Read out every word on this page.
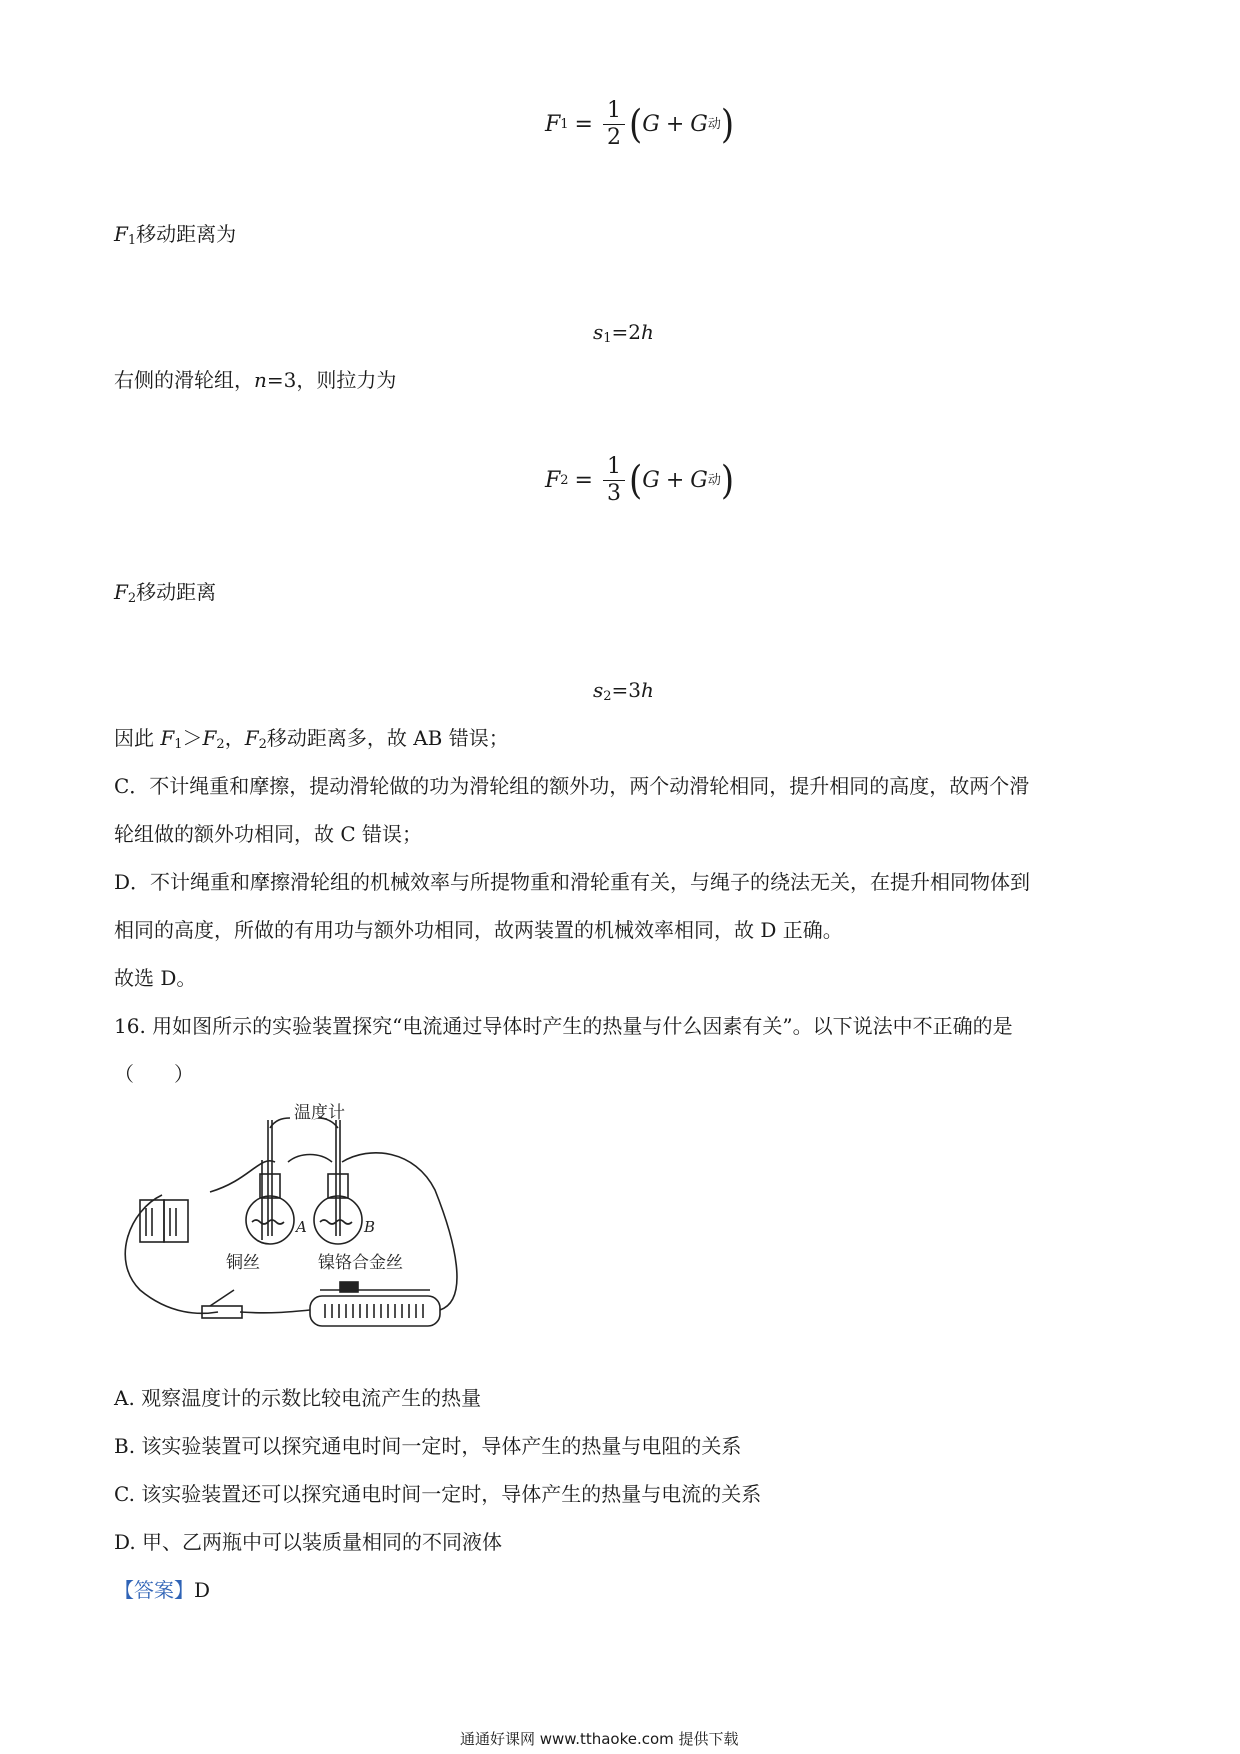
F $1 = \frac{1}{2}$ ( G + G 动 )
$F_1$移动距离为
$s_1=2h$
右侧的滑轮组，n=3，则拉力为
F $2 = \frac{1}{3}$ ( G + G 动 )
$F_2$移动距离
$s_2=3h$
因此 $F_1>F_2$，$F_2$移动距离多，故 AB 错误；
C．不计绳重和摩擦，提动滑轮做的功为滑轮组的额外功，两个动滑轮相同，提升相同的高度，故两个滑
轮组做的额外功相同，故 C 错误；
D．不计绳重和摩擦滑轮组的机械效率与所提物重和滑轮重有关，与绳子的绕法无关，在提升相同物体到
相同的高度，所做的有用功与额外功相同，故两装置的机械效率相同，故 D 正确。
故选 D。
16. 用如图所示的实验装置探究“电流通过导体时产生的热量与什么因素有关”。以下说法中不正确的是
（　　）
温度计
A	B
铜丝	镍铬合金丝
A. 观察温度计的示数比较电流产生的热量
B. 该实验装置可以探究通电时间一定时，导体产生的热量与电阻的关系
C. 该实验装置还可以探究通电时间一定时，导体产生的热量与电流的关系
D. 甲、乙两瓶中可以装质量相同的不同液体
【答案】D
通通好课网 www.tthaoke.com 提供下载
